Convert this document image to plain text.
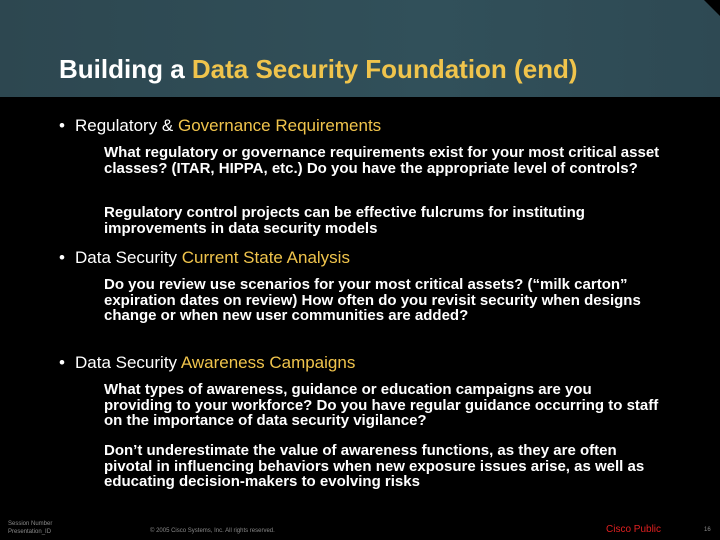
Building a Data Security Foundation (end)
• Regulatory & Governance Requirements
What regulatory or governance requirements exist for your most critical asset classes? (ITAR, HIPPA, etc.) Do you have the appropriate level of controls?
Regulatory control projects can be effective fulcrums for instituting improvements in data security models
• Data Security Current State Analysis
Do you review use scenarios for your most critical assets? (“milk carton” expiration dates on review) How often do you revisit security when designs change or when new user communities are added?
• Data Security Awareness Campaigns
What types of awareness, guidance or education campaigns are you providing to your workforce? Do you have regular guidance occurring to staff on the importance of data security vigilance?
Don’t underestimate the value of awareness functions, as they are often pivotal in influencing behaviors when new exposure issues arise, as well as educating decision-makers to evolving risks
Session Number
Presentation_ID	© 2005 Cisco Systems, Inc. All rights reserved.	Cisco Public	16
